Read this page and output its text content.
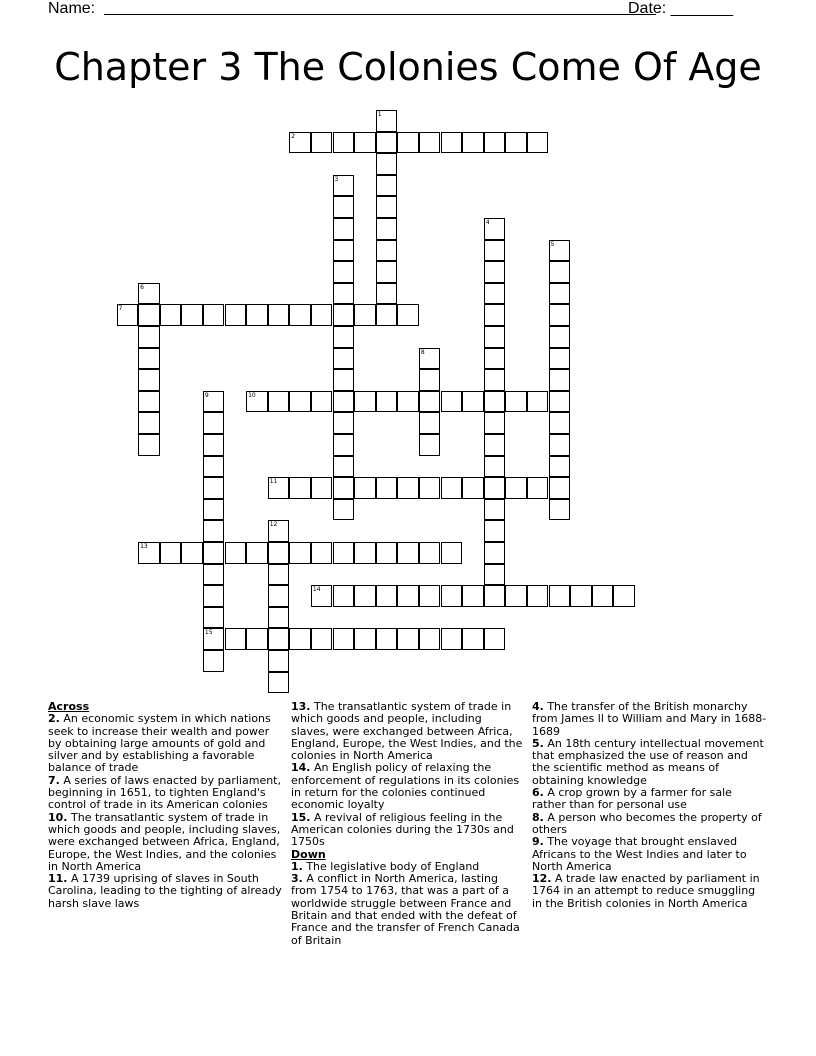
Name:	Date: _______
Chapter 3 The Colonies Come Of Age
1
2
3
4
5
6
7
8
9
15
10
11
12
13
14
Across
2. An economic system in which nations seek to increase their wealth and power by obtaining large amounts of gold and silver and by establishing a favorable balance of trade
7. A series of laws enacted by parliament, beginning in 1651, to tighten England's control of trade in its American colonies
10. The transatlantic system of trade in which goods and people, including slaves, were exchanged between Africa, England, Europe, the West Indies, and the colonies in North America
11. A 1739 uprising of slaves in South Carolina, leading to the tighting of already harsh slave laws
13. The transatlantic system of trade in which goods and people, including slaves, were exchanged between Africa, England, Europe, the West Indies, and the colonies in North America
14. An English policy of relaxing the enforcement of regulations in its colonies in return for the colonies continued economic loyalty
15. A revival of religious feeling in the American colonies during the 1730s and 1750s
Down
1. The legislative body of England
3. A conflict in North America, lasting from 1754 to 1763, that was a part of a worldwide struggle between France and Britain and that ended with the defeat of France and the transfer of French Canada of Britain
4. The transfer of the British monarchy from James ll to William and Mary in 1688-1689
5. An 18th century intellectual movement that emphasized the use of reason and the scientific method as means of obtaining knowledge
6. A crop grown by a farmer for sale rather than for personal use
8. A person who becomes the property of others
9. The voyage that brought enslaved Africans to the West Indies and later to North America
12. A trade law enacted by parliament in 1764 in an attempt to reduce smuggling in the British colonies in North America
